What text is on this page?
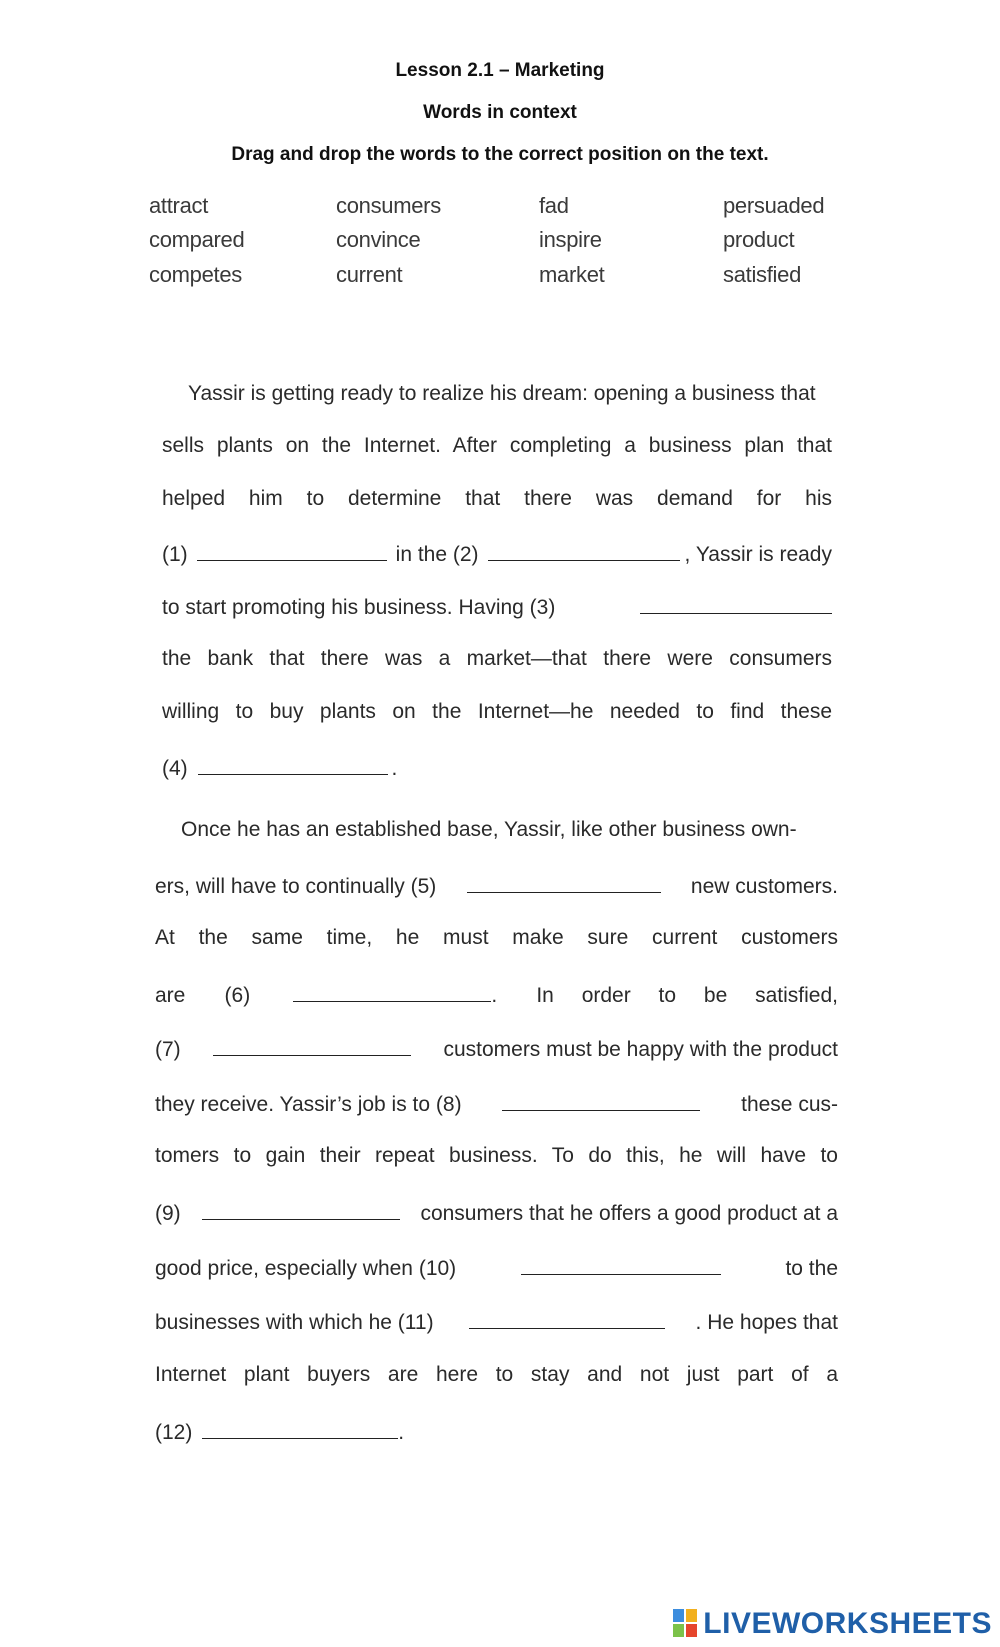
Lesson 2.1 – Marketing
Words in context
Drag and drop the words to the correct position on the text.
attract	consumers	fad	persuaded
compared	convince	inspire	product
competes	current	market	satisfied
Yassir is getting ready to realize his dream: opening a business that
sells plants on the Internet. After completing a business plan that
helped him to determine that there was demand for his
(1)	in the (2)	, Yassir is ready
to start promoting his business. Having (3)
the bank that there was a market—that there were consumers
willing to buy plants on the Internet—he needed to find these
(4)	.
Once he has an established base, Yassir, like other business own-
ers, will have to continually (5)	new customers.
At the same time, he must make sure current customers
are (6)	. In order to be satisfied,
(7)	customers must be happy with the product
they receive. Yassir’s job is to (8)	these cus-
tomers to gain their repeat business. To do this, he will have to
(9)	consumers that he offers a good product at a
good price, especially when (10)	to the
businesses with which he (11)	. He hopes that
Internet plant buyers are here to stay and not just part of a
(12)	.
LIVEWORKSHEETS
